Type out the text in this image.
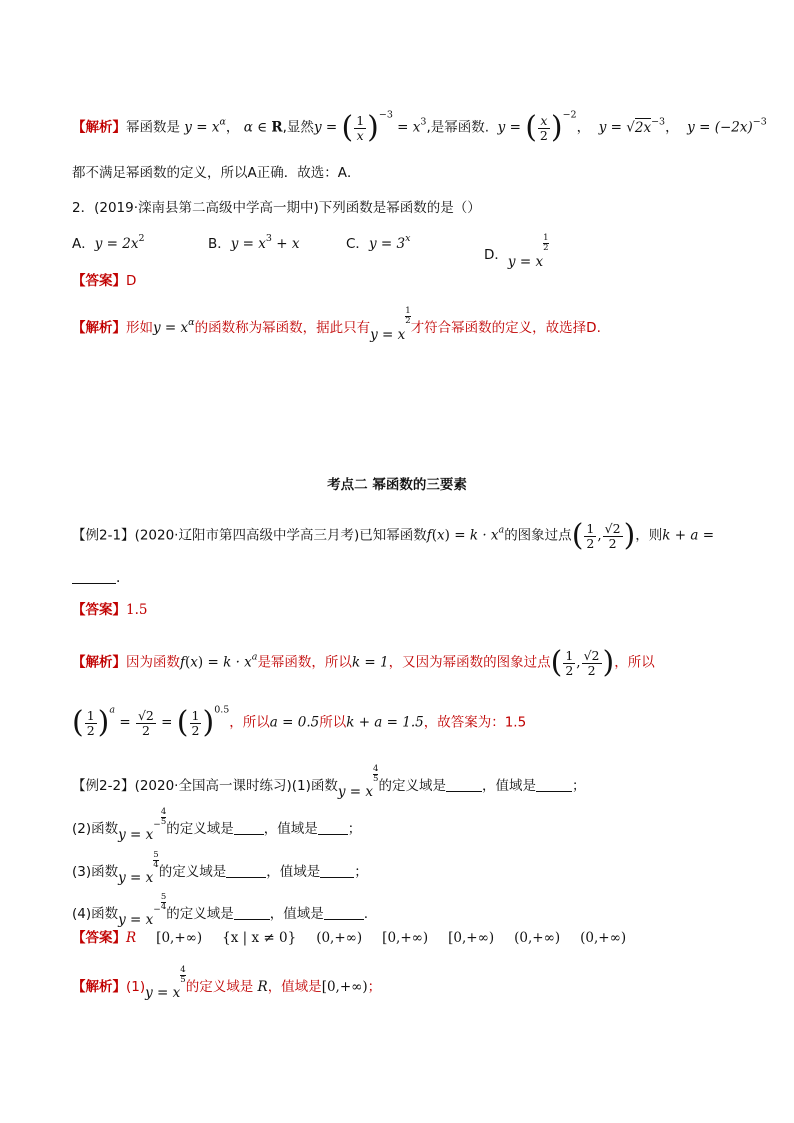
【解析】幂函数是 $y = x^\alpha$， α ∈ R,显然y = ( $\frac{1}{x} )^{-3} = x^3$,是幂函数. y = ( $\frac{x}{2} )^{-2}$， $y = √2x^{-3}$， $y = (-2x)^{-3}$
都不满足幂函数的定义，所以A正确．故选：A．
2．(2019·滦南县第二高级中学高一期中)下列函数是幂函数的是（）
A．$y = 2x^2$	B．$y = x^3 + x$	C．$y = 3^x$
D．y = x
$\frac{1}{2}$
【答案】D
【解析】形如$y = x^\alpha$的函数称为幂函数，据此只有y = x
$\frac{1}{2}$
才符合幂函数的定义，故选择D.
考点二 幂函数的三要素
【例2-1】(2020·辽阳市第四高级中学高三月考)已知幂函数$f(x) = k \cdot x^a$的图象过点( $\frac{1}{2}$ , $\frac{√2}{2}$ )，则k + a =
.
【答案】1.5
【解析】因为函数$f(x) = k \cdot x^a$是幂函数，所以k = 1，又因为幂函数的图象过点( $\frac{1}{2}$ , $\frac{√2}{2}$ )，所以
( $\frac{1}{2} )^a = \frac{√2}{2}$ = ( $\frac{1}{2} )^{0.5}$，所以a = 0.5所以k + a = 1.5，故答案为：1.5
【例2-2】(2020·全国高一课时练习)(1)函数y = x
$\frac{4}{5}$
的定义域是	，值域是	；
(2)函数$y = x^- \frac{4}{5}$
的定义域是 ，值域是 ；
(3)函数y = x
$\frac{5}{4}$
的定义域是	，值域是	；
(4)函数$y = x^- \frac{5}{4}$
的定义域是	，值域是	.
【答案】R [0,+∞) {x | x ≠ 0} (0,+∞) [0,+∞) [0,+∞) (0,+∞) (0,+∞)
【解析】(1)y = x
$\frac{4}{5}$
的定义域是 R，值域是[0,+∞)；
